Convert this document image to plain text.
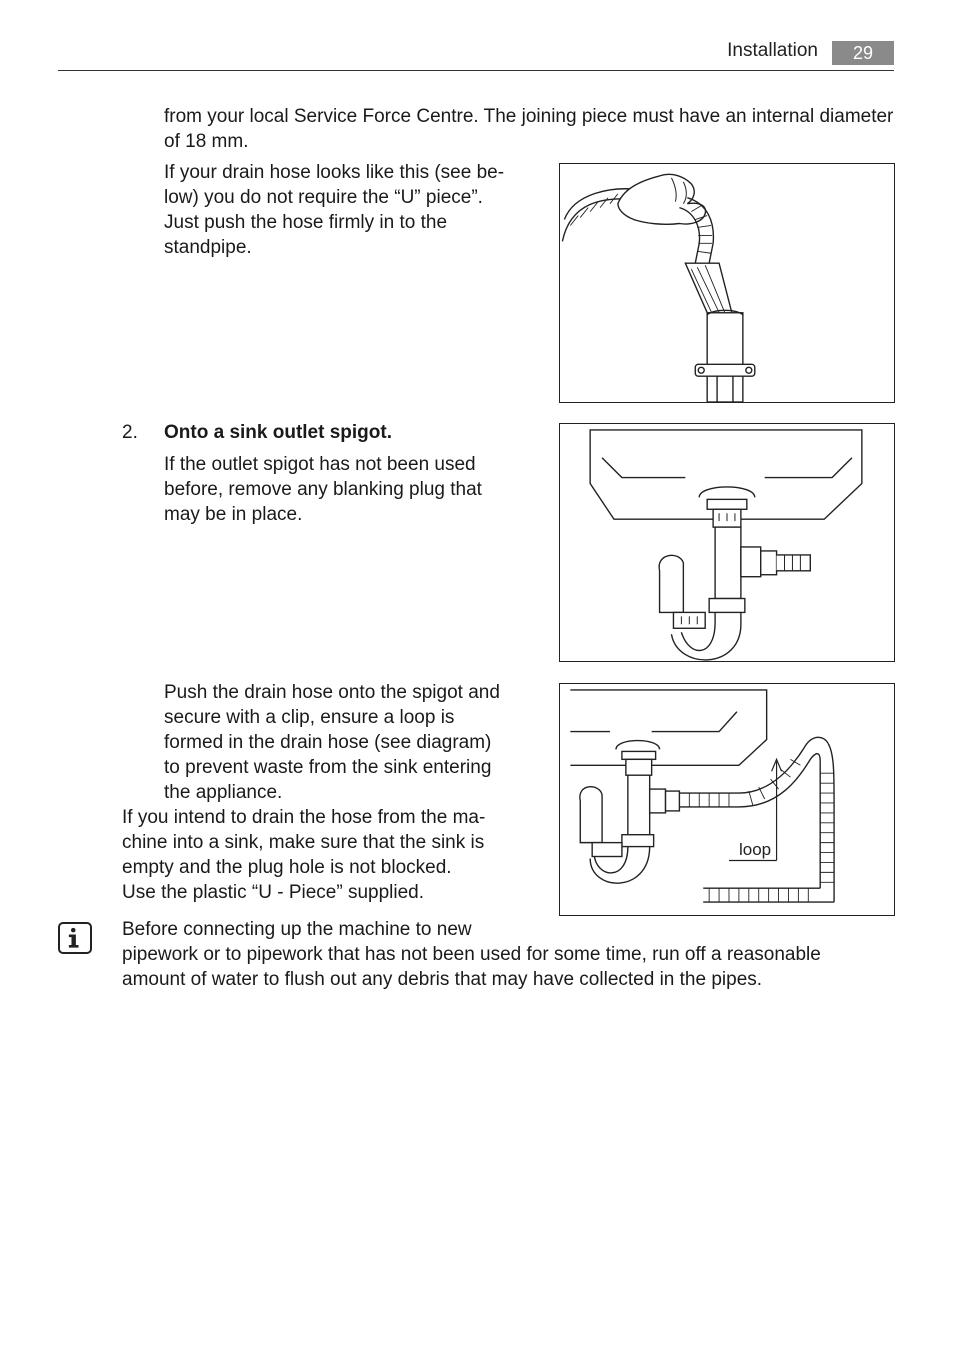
Installation	29

from your local Service Force Centre. The joining piece must have an internal diameter of 18 mm.

If your drain hose looks like this (see be-low) you do not require the “U” piece”. Just push the hose firmly in to the standpipe.

2.	Onto a sink outlet spigot.

If the outlet spigot has not been used before, remove any blanking plug that may be in place.

Push the drain hose onto the spigot and secure with a clip, ensure a loop is formed in the drain hose (see diagram) to prevent waste from the sink entering the appliance.

If you intend to drain the hose from the ma-chine into a sink, make sure that the sink is empty and the plug hole is not blocked.
Use the plastic “U - Piece” supplied.

loop

Before connecting up the machine to new
pipework or to pipework that has not been used for some time, run off a reasonable amount of water to flush out any debris that may have collected in the pipes.
